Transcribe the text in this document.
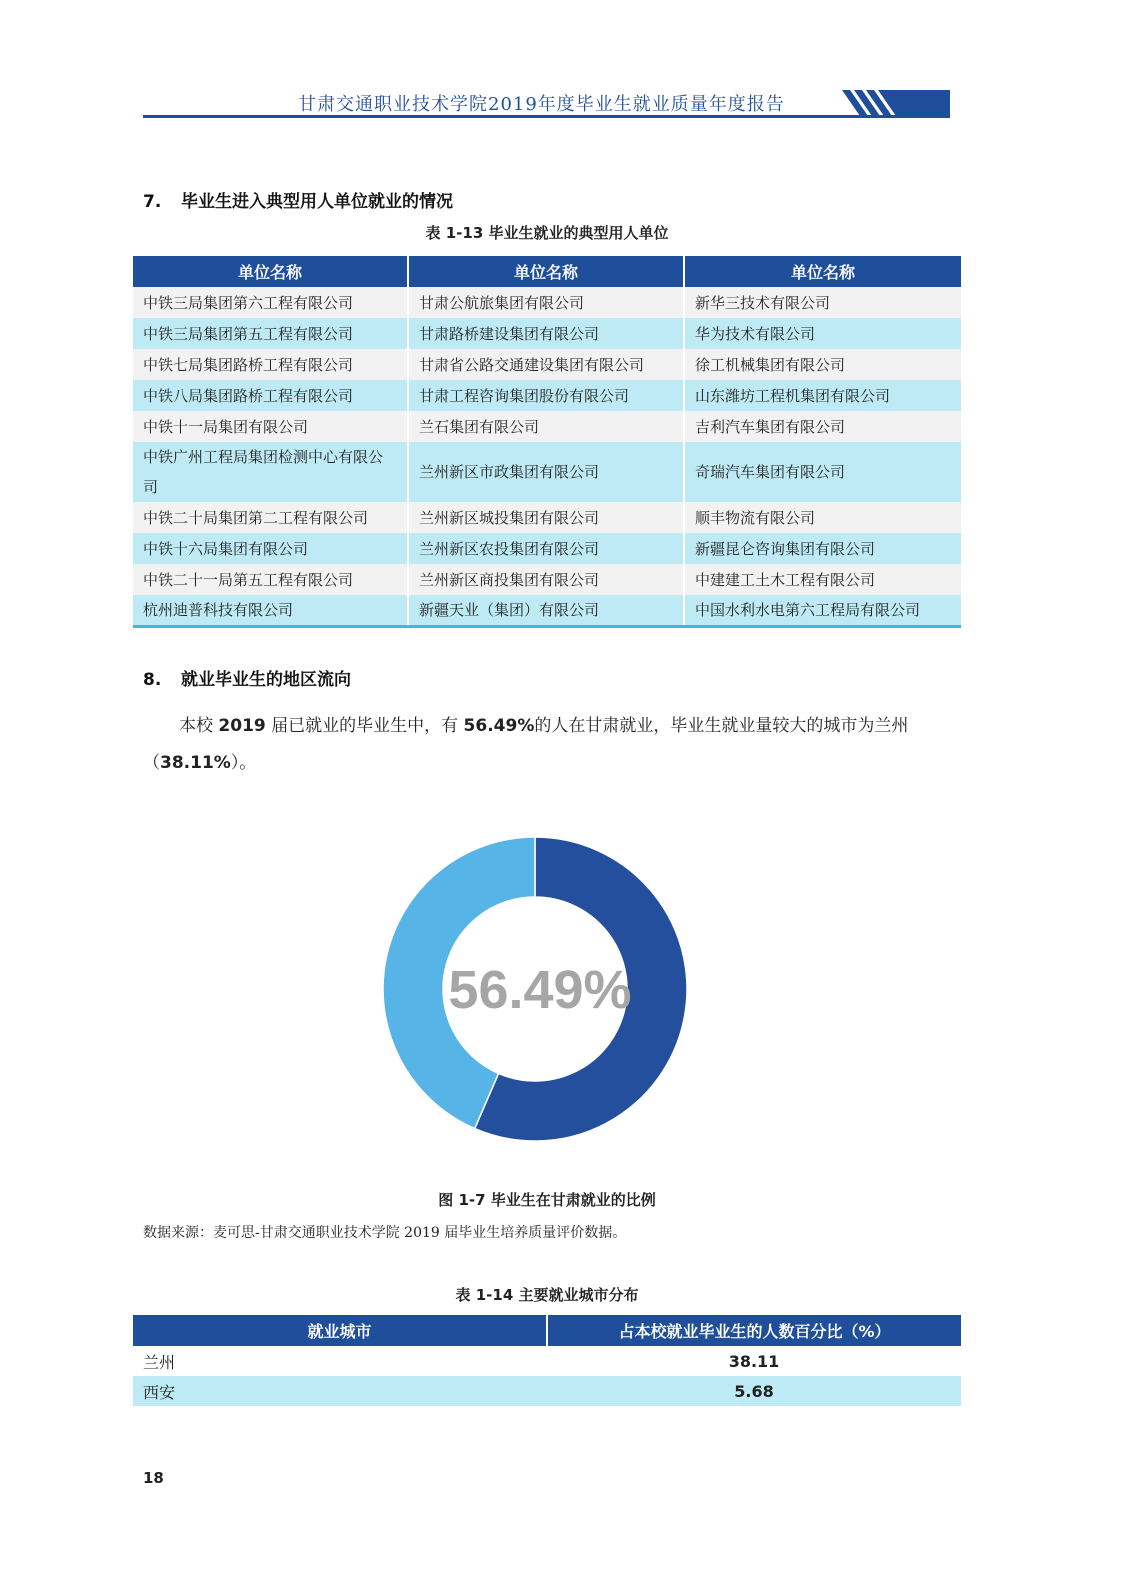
甘肃交通职业技术学院2019年度毕业生就业质量年度报告
7. 毕业生进入典型用人单位就业的情况
表 1-13 毕业生就业的典型用人单位
单位名称	单位名称	单位名称
中铁三局集团第六工程有限公司	甘肃公航旅集团有限公司	新华三技术有限公司
中铁三局集团第五工程有限公司	甘肃路桥建设集团有限公司	华为技术有限公司
中铁七局集团路桥工程有限公司	甘肃省公路交通建设集团有限公司	徐工机械集团有限公司
中铁八局集团路桥工程有限公司	甘肃工程咨询集团股份有限公司	山东潍坊工程机集团有限公司
中铁十一局集团有限公司	兰石集团有限公司	吉利汽车集团有限公司
中铁广州工程局集团检测中心有限公司	兰州新区市政集团有限公司	奇瑞汽车集团有限公司
中铁二十局集团第二工程有限公司	兰州新区城投集团有限公司	顺丰物流有限公司
中铁十六局集团有限公司	兰州新区农投集团有限公司	新疆昆仑咨询集团有限公司
中铁二十一局第五工程有限公司	兰州新区商投集团有限公司	中建建工土木工程有限公司
杭州迪普科技有限公司	新疆天业（集团）有限公司	中国水利水电第六工程局有限公司
8. 就业毕业生的地区流向

本校 2019 届已就业的毕业生中，有 56.49%的人在甘肃就业，毕业生就业量较大的城市为兰州（38.11%）。

56.49%
图 1-7 毕业生在甘肃就业的比例
数据来源：麦可思-甘肃交通职业技术学院 2019 届毕业生培养质量评价数据。
表 1-14 主要就业城市分布
就业城市	占本校就业毕业生的人数百分比（%）
兰州	38.11
西安	5.68
18
